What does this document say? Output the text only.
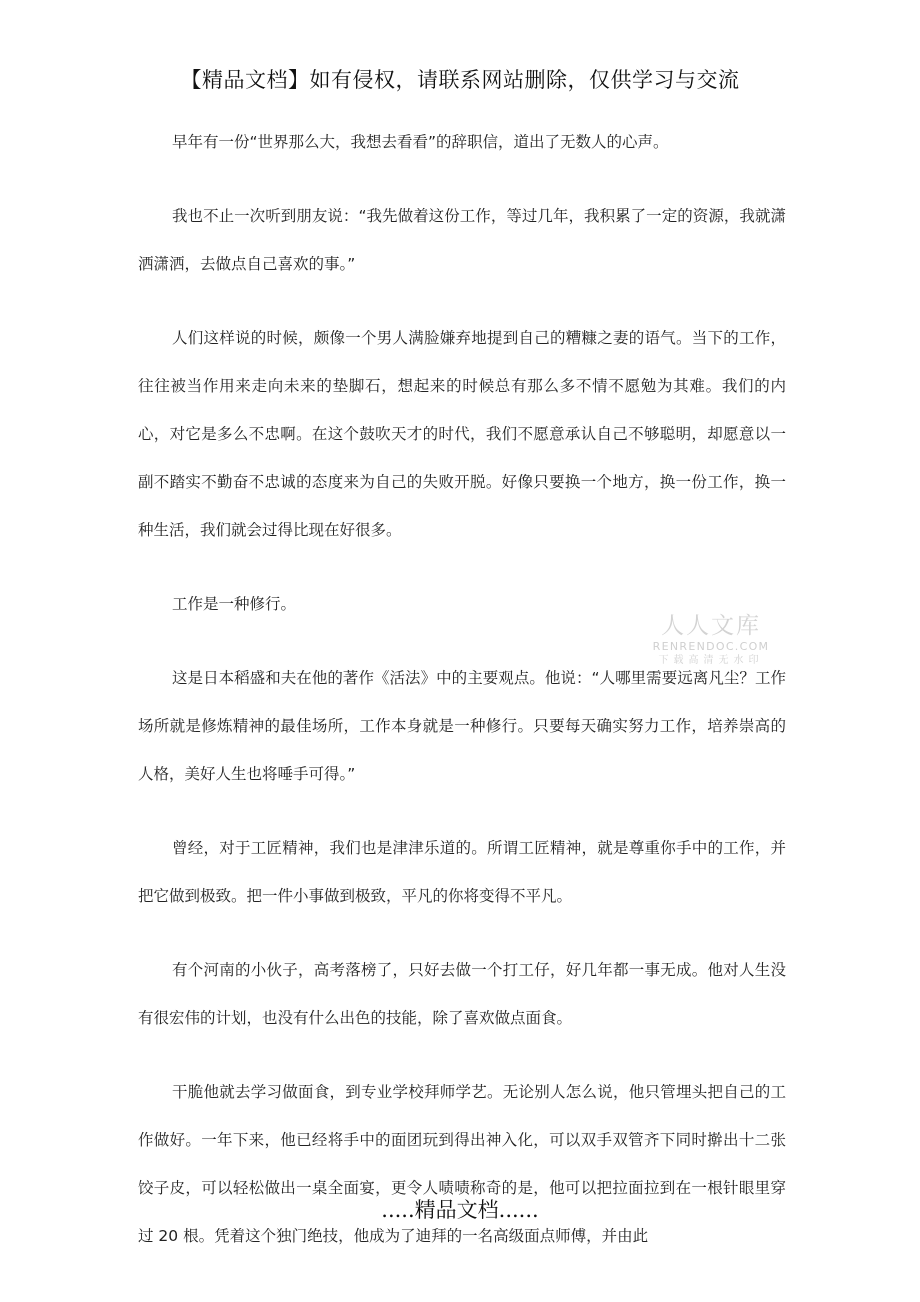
【精品文档】如有侵权，请联系网站删除，仅供学习与交流

早年有一份“世界那么大，我想去看看”的辞职信，道出了无数人的心声。

我也不止一次听到朋友说：“我先做着这份工作，等过几年，我积累了一定的资源，我就潇洒潇洒，去做点自己喜欢的事。”

人们这样说的时候，颇像一个男人满脸嫌弃地提到自己的糟糠之妻的语气。当下的工作，往往被当作用来走向未来的垫脚石，想起来的时候总有那么多不情不愿勉为其难。我们的内心，对它是多么不忠啊。在这个鼓吹天才的时代，我们不愿意承认自己不够聪明，却愿意以一副不踏实不勤奋不忠诚的态度来为自己的失败开脱。好像只要换一个地方，换一份工作，换一种生活，我们就会过得比现在好很多。

工作是一种修行。

这是日本稻盛和夫在他的著作《活法》中的主要观点。他说：“人哪里需要远离凡尘？工作场所就是修炼精神的最佳场所，工作本身就是一种修行。只要每天确实努力工作，培养崇高的人格，美好人生也将唾手可得。”

曾经，对于工匠精神，我们也是津津乐道的。所谓工匠精神，就是尊重你手中的工作，并把它做到极致。把一件小事做到极致，平凡的你将变得不平凡。

有个河南的小伙子，高考落榜了，只好去做一个打工仔，好几年都一事无成。他对人生没有很宏伟的计划，也没有什么出色的技能，除了喜欢做点面食。

干脆他就去学习做面食，到专业学校拜师学艺。无论别人怎么说，他只管埋头把自己的工作做好。一年下来，他已经将手中的面团玩到得出神入化，可以双手双管齐下同时擀出十二张饺子皮，可以轻松做出一桌全面宴，更令人啧啧称奇的是，他可以把拉面拉到在一根针眼里穿过 20 根。凭着这个独门绝技，他成为了迪拜的一名高级面点师傅，并由此

人人文库
RENRENDOC.COM
下载高清无水印
.....精品文档......
